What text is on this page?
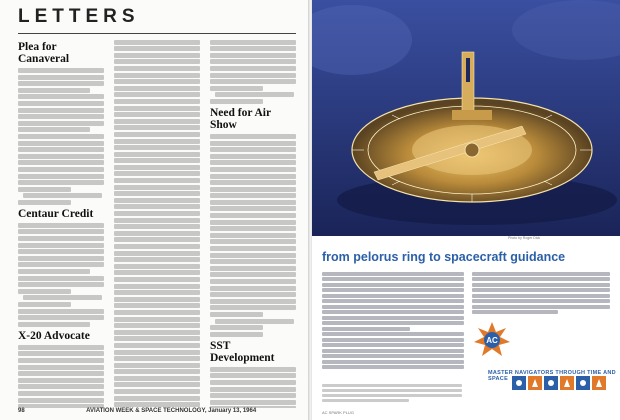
LETTERS
Plea for Canaveral
Centaur Credit
X-20 Advocate
Need for Air Show
SST Development
98	AVIATION WEEK & SPACE TECHNOLOGY, January 13, 1964
Photo by Roger Dick
from pelorus ring to spacecraft guidance
AC
MASTER NAVIGATORS THROUGH TIME AND SPACE
AC SPARK PLUG
